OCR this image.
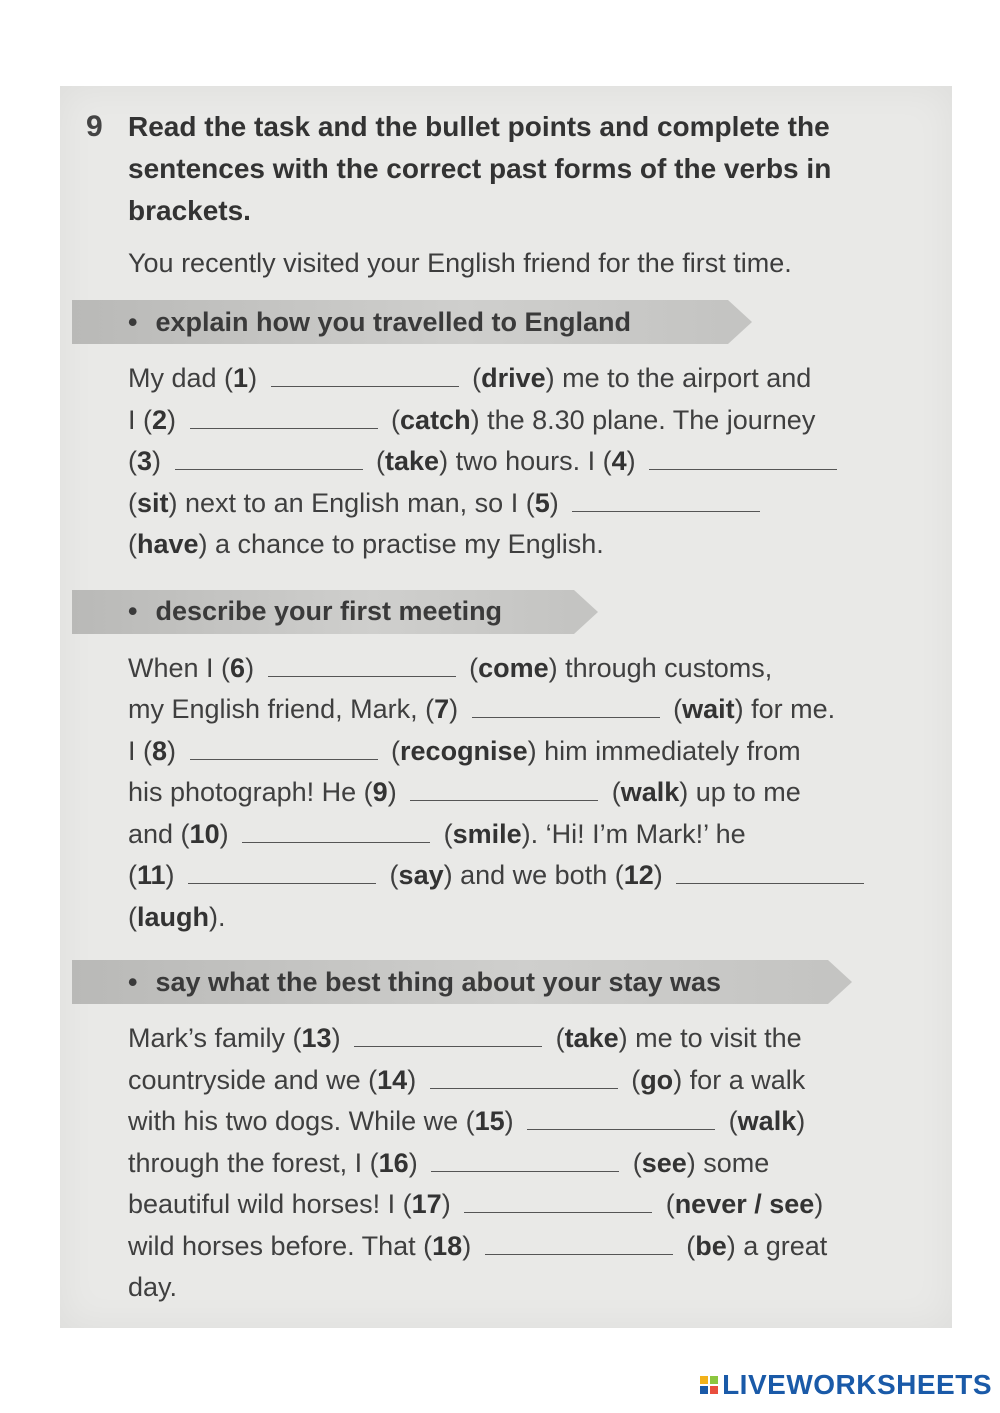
9 Read the task and the bullet points and complete the sentences with the correct past forms of the verbs in brackets.
You recently visited your English friend for the first time.
• explain how you travelled to England
My dad (1)	(drive) me to the airport and
I (2)	(catch) the 8.30 plane. The journey
(3)	(take) two hours. I (4)
(sit) next to an English man, so I (5)
(have) a chance to practise my English.
• describe your first meeting
When I (6)	(come) through customs,
my English friend, Mark, (7)	(wait) for me.
I (8)	(recognise) him immediately from
his photograph! He (9)	(walk) up to me
and (10)	(smile). ‘Hi! I’m Mark!’ he
(11)	(say) and we both (12)
(laugh).
• say what the best thing about your stay was
Mark’s family (13)	(take) me to visit the
countryside and we (14)	(go) for a walk
with his two dogs. While we (15)	(walk)
through the forest, I (16)	(see) some
beautiful wild horses! I (17)	(never / see)
wild horses before. That (18)	(be) a great
day.
LIVEWORKSHEETS
